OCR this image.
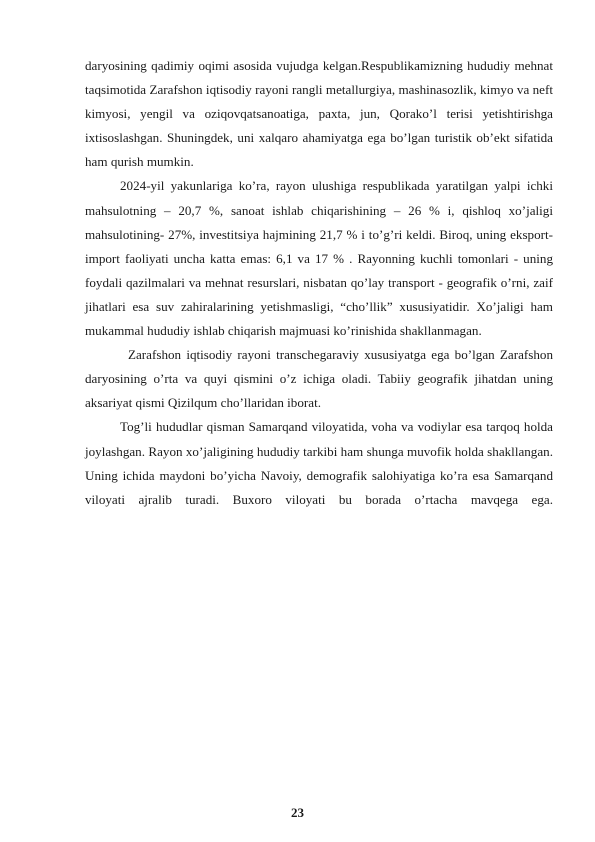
daryosining qadimiy oqimi asosida vujudga kelgan.Respublikamizning hududiy mehnat taqsimotida Zarafshon iqtisodiy rayoni rangli metallurgiya, mashinasozlik, kimyo va neft kimyosi, yengil va oziqovqatsanoatiga, paxta, jun, Qorako’l terisi yetishtirishga ixtisoslashgan. Shuningdek, uni xalqaro ahamiyatga ega bo’lgan turistik ob’ekt sifatida ham qurish mumkin.

2024-yil yakunlariga ko’ra, rayon ulushiga respublikada yaratilgan yalpi ichki mahsulotning – 20,7 %, sanoat ishlab chiqarishining – 26 % i, qishloq xo’jaligi mahsulotining- 27%, investitsiya hajmining 21,7 % i to’g’ri keldi. Biroq, uning eksport-import faoliyati uncha katta emas: 6,1 va 17 % . Rayonning kuchli tomonlari - uning foydali qazilmalari va mehnat resurslari, nisbatan qo’lay transport - geografik o’rni, zaif jihatlari esa suv zahiralarining yetishmasligi, “cho’llik” xususiyatidir. Xo’jaligi ham mukammal hududiy ishlab chiqarish majmuasi ko’rinishida shakllanmagan.

Zarafshon iqtisodiy rayoni transchegaraviy xususiyatga ega bo’lgan Zarafshon daryosining o’rta va quyi qismini o’z ichiga oladi. Tabiiy geografik jihatdan uning aksariyat qismi Qizilqum cho’llaridan iborat.

Tog’li hududlar qisman Samarqand viloyatida, voha va vodiylar esa tarqoq holda joylashgan. Rayon xo’jaligining hududiy tarkibi ham shunga muvofik holda shakllangan. Uning ichida maydoni bo’yicha Navoiy, demografik salohiyatiga ko’ra esa Samarqand viloyati ajralib turadi. Buxoro viloyati bu borada o’rtacha mavqega ega.

23
